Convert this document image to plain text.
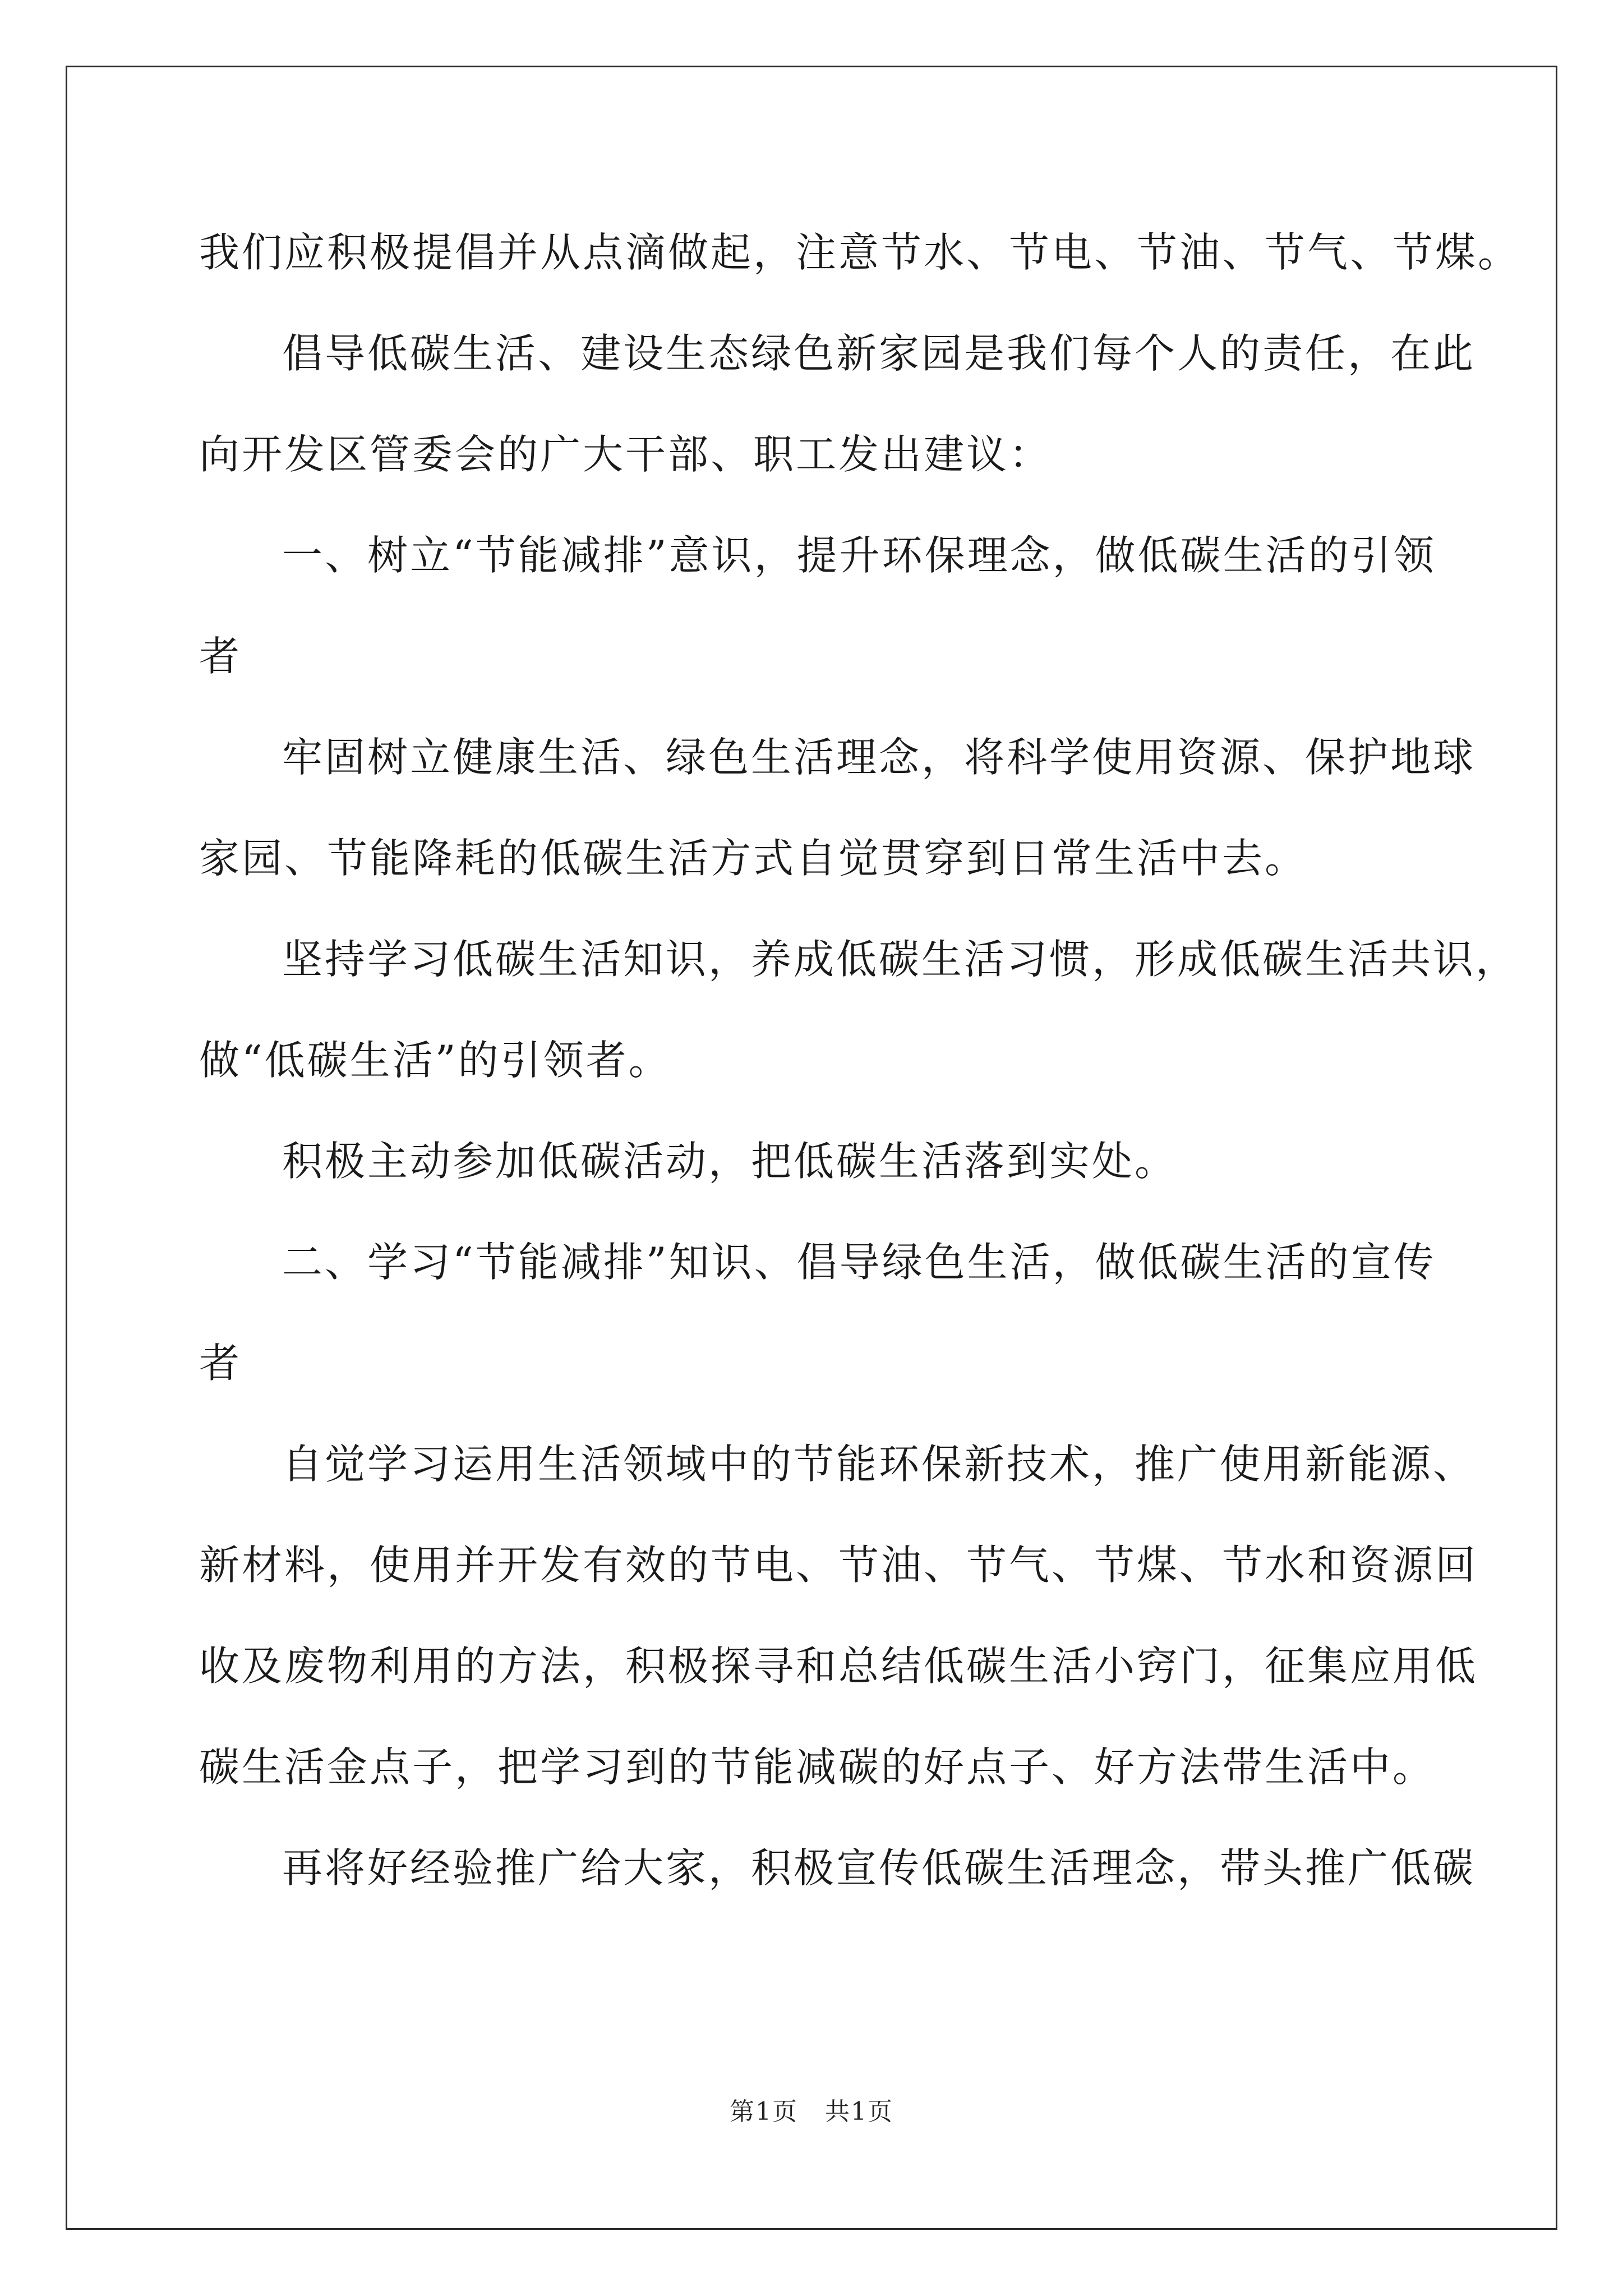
我们应积极提倡并从点滴做起，注意节水、节电、节油、节气、节煤。
倡导低碳生活、建设生态绿色新家园是我们每个人的责任，在此
向开发区管委会的广大干部、职工发出建议：
一、树立“节能减排”意识，提升环保理念，做低碳生活的引领
者
牢固树立健康生活、绿色生活理念，将科学使用资源、保护地球
家园、节能降耗的低碳生活方式自觉贯穿到日常生活中去。
坚持学习低碳生活知识，养成低碳生活习惯，形成低碳生活共识，
做“低碳生活”的引领者。
积极主动参加低碳活动，把低碳生活落到实处。
二、学习“节能减排”知识、倡导绿色生活，做低碳生活的宣传
者
自觉学习运用生活领域中的节能环保新技术，推广使用新能源、
新材料，使用并开发有效的节电、节油、节气、节煤、节水和资源回
收及废物利用的方法，积极探寻和总结低碳生活小窍门，征集应用低
碳生活金点子，把学习到的节能减碳的好点子、好方法带生活中。
再将好经验推广给大家，积极宣传低碳生活理念，带头推广低碳
第1页 共1页
